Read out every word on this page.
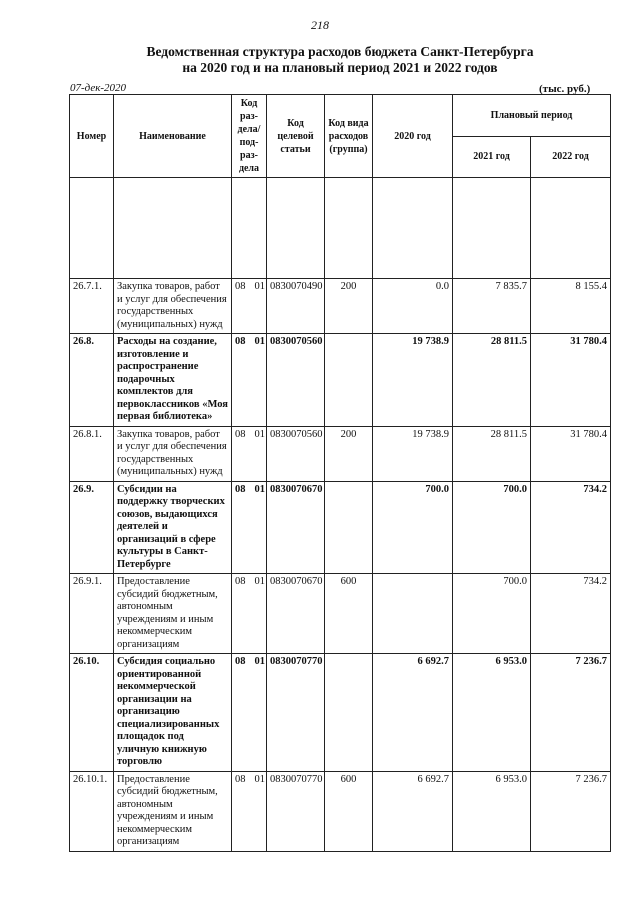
218
Ведомственная структура расходов бюджета Санкт-Петербурга
на 2020 год и на плановый период 2021 и 2022 годов
07-дек-2020	(тыс. руб.)
Номер	Наименование	Код раз- дела/ под- раз- дела	Код целевой статьи	Код вида расходов (группа)	2020 год	Плановый период	
						2021 год	2022 год

26.7.1.	Закупка товаров, работ и услуг для обеспечения государственных (муниципальных) нужд	08 01	0830070490	200	0.0	7 835.7	8 155.4
26.8.	Расходы на создание, изготовление и распространение подарочных комплектов для первоклассников «Моя первая библиотека»	08 01	0830070560		19 738.9	28 811.5	31 780.4
26.8.1.	Закупка товаров, работ и услуг для обеспечения государственных (муниципальных) нужд	08 01	0830070560	200	19 738.9	28 811.5	31 780.4
26.9.	Субсидии на поддержку творческих союзов, выдающихся деятелей и организаций в сфере культуры в Санкт-Петербурге	08 01	0830070670		700.0	700.0	734.2
26.9.1.	Предоставление субсидий бюджетным, автономным учреждениям и иным некоммерческим организациям	08 01	0830070670	600		700.0	734.2
26.10.	Субсидия социально ориентированной некоммерческой организации на организацию специализированных площадок под уличную книжную торговлю	08 01	0830070770		6 692.7	6 953.0	7 236.7
26.10.1.	Предоставление субсидий бюджетным, автономным учреждениям и иным некоммерческим организациям	08 01	0830070770	600	6 692.7	6 953.0	7 236.7
